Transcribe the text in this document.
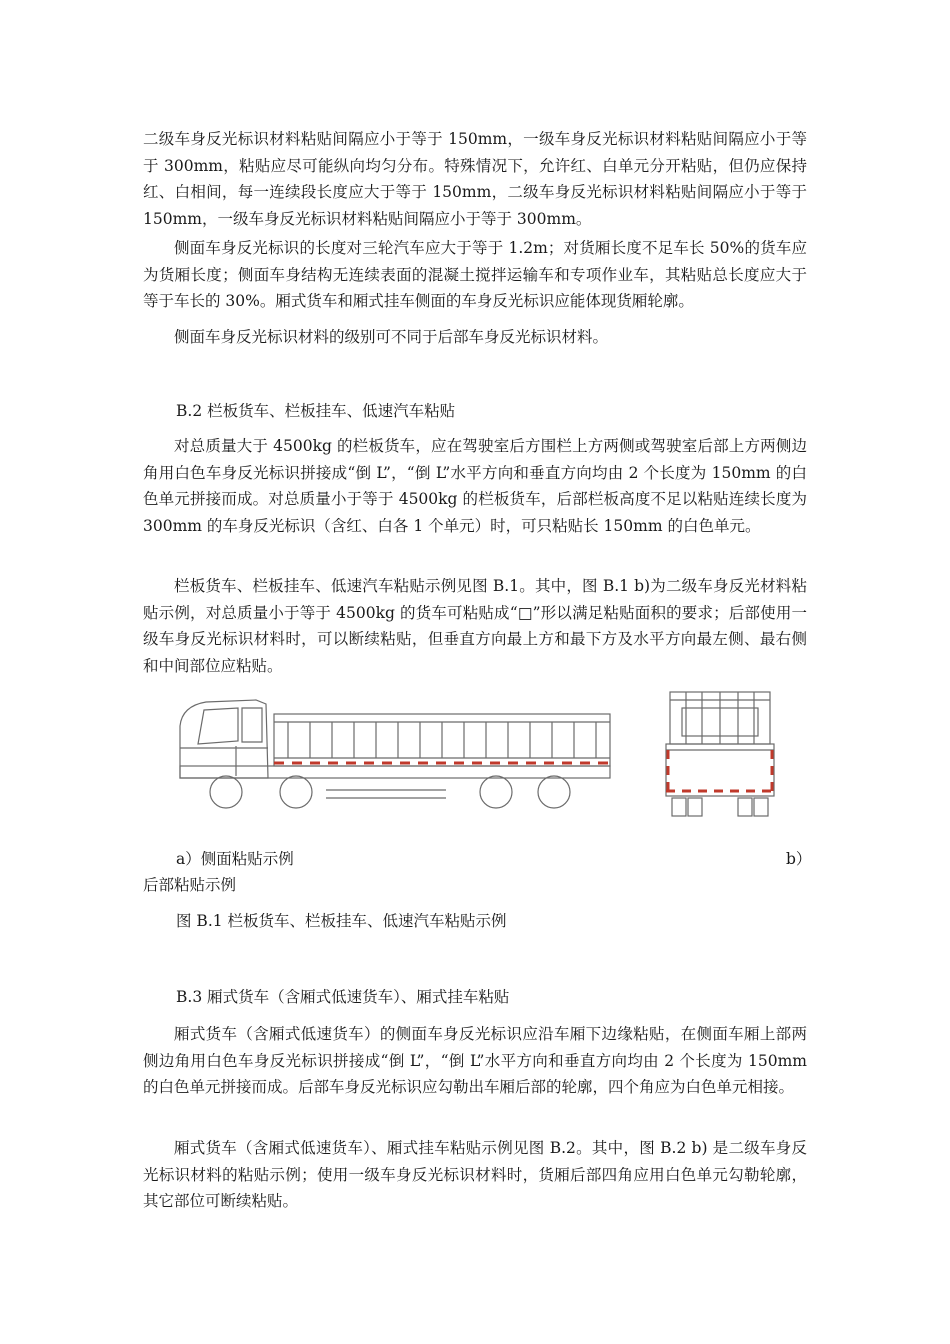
二级车身反光标识材料粘贴间隔应小于等于 150mm，一级车身反光标识材料粘贴间隔应小于等于 300mm，粘贴应尽可能纵向均匀分布。特殊情况下，允许红、白单元分开粘贴，但仍应保持红、白相间，每一连续段长度应大于等于 150mm，二级车身反光标识材料粘贴间隔应小于等于 150mm，一级车身反光标识材料粘贴间隔应小于等于 300mm。

侧面车身反光标识的长度对三轮汽车应大于等于 1.2m；对货厢长度不足车长 50%的货车应为货厢长度；侧面车身结构无连续表面的混凝土搅拌运输车和专项作业车，其粘贴总长度应大于等于车长的 30%。厢式货车和厢式挂车侧面的车身反光标识应能体现货厢轮廓。

侧面车身反光标识材料的级别可不同于后部车身反光标识材料。

B.2 栏板货车、栏板挂车、低速汽车粘贴

对总质量大于 4500kg 的栏板货车，应在驾驶室后方围栏上方两侧或驾驶室后部上方两侧边角用白色车身反光标识拼接成“倒 L”，“倒 L”水平方向和垂直方向均由 2 个长度为 150mm 的白色单元拼接而成。对总质量小于等于 4500kg 的栏板货车，后部栏板高度不足以粘贴连续长度为 300mm 的车身反光标识（含红、白各 1 个单元）时，可只粘贴长 150mm 的白色单元。

栏板货车、栏板挂车、低速汽车粘贴示例见图 B.1。其中，图 B.1 b)为二级车身反光材料粘贴示例，对总质量小于等于 4500kg 的货车可粘贴成“□”形以满足粘贴面积的要求；后部使用一级车身反光标识材料时，可以断续粘贴，但垂直方向最上方和最下方及水平方向最左侧、最右侧和中间部位应粘贴。

a）侧面粘贴示例	b）

后部粘贴示例

图 B.1 栏板货车、栏板挂车、低速汽车粘贴示例

B.3 厢式货车（含厢式低速货车）、厢式挂车粘贴

厢式货车（含厢式低速货车）的侧面车身反光标识应沿车厢下边缘粘贴，在侧面车厢上部两侧边角用白色车身反光标识拼接成“倒 L”，“倒 L”水平方向和垂直方向均由 2 个长度为 150mm 的白色单元拼接而成。后部车身反光标识应勾勒出车厢后部的轮廓，四个角应为白色单元相接。

厢式货车（含厢式低速货车）、厢式挂车粘贴示例见图 B.2。其中，图 B.2 b) 是二级车身反光标识材料的粘贴示例；使用一级车身反光标识材料时，货厢后部四角应用白色单元勾勒轮廓，其它部位可断续粘贴。
